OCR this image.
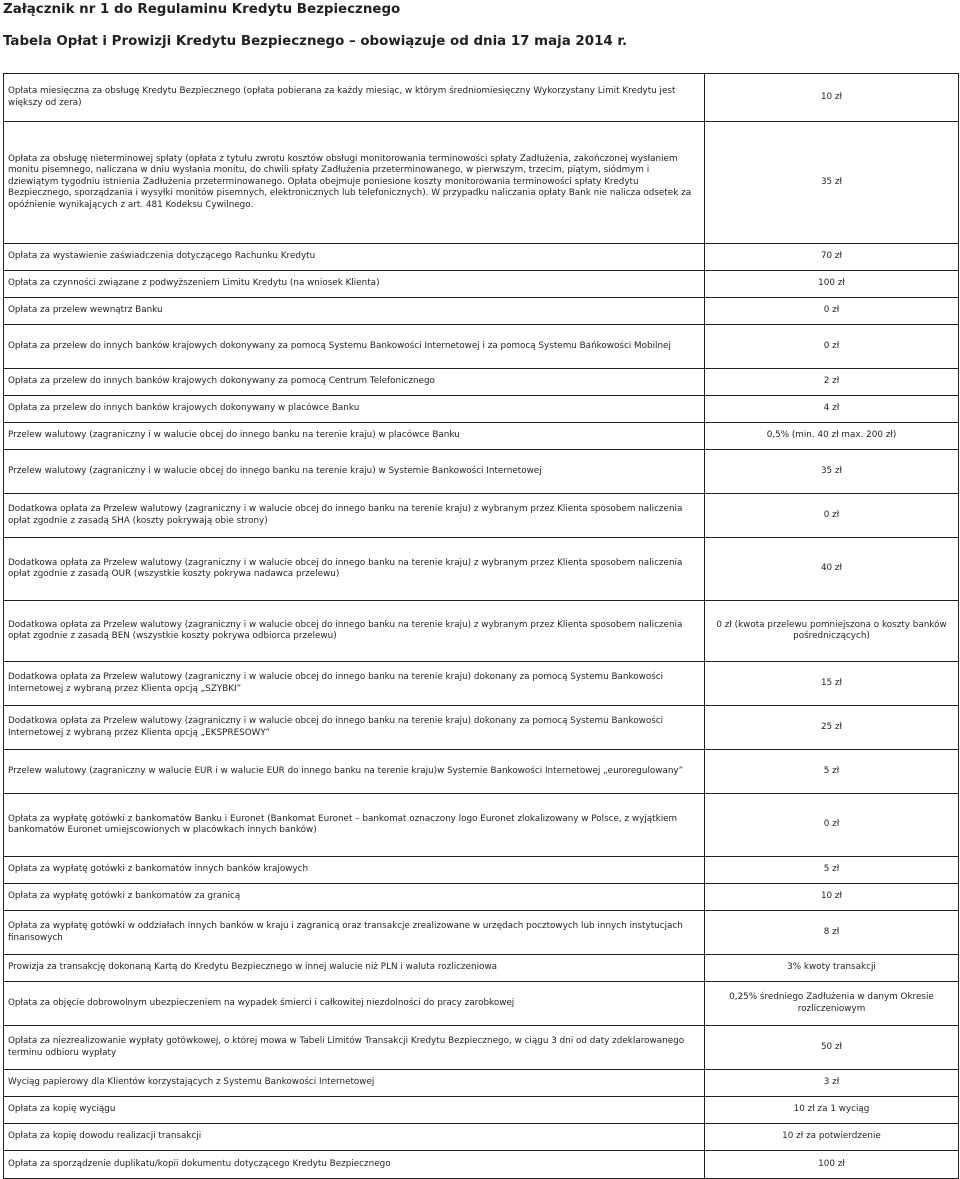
Załącznik nr 1 do Regulaminu Kredytu Bezpiecznego
Tabela Opłat i Prowizji Kredytu Bezpiecznego – obowiązuje od dnia 17 maja 2014 r.
Opłata miesięczna za obsługę Kredytu Bezpiecznego (opłata pobierana za każdy miesiąc, w którym średniomiesięczny Wykorzystany Limit Kredytu jest większy od zera)	10 zł
Opłata za obsługę nieterminowej spłaty (opłata z tytułu zwrotu kosztów obsługi monitorowania terminowości spłaty Zadłużenia, zakończonej wysłaniem monitu pisemnego, naliczana w dniu wysłania monitu, do chwili spłaty Zadłużenia przeterminowanego, w pierwszym, trzecim, piątym, siódmym i dziewiątym tygodniu istnienia Zadłużenia przeterminowanego. Opłata obejmuje poniesione koszty monitorowania terminowości spłaty Kredytu Bezpiecznego, sporządzania i wysyłki monitów pisemnych, elektronicznych lub telefonicznych). W przypadku naliczania opłaty Bank nie nalicza odsetek za opóźnienie wynikających z art. 481 Kodeksu Cywilnego.	35 zł
Opłata za wystawienie zaświadczenia dotyczącego Rachunku Kredytu	70 zł
Opłata za czynności związane z podwyższeniem Limitu Kredytu (na wniosek Klienta)	100 zł
Opłata za przelew wewnątrz Banku	0 zł
Opłata za przelew do innych banków krajowych dokonywany za pomocą Systemu Bankowości Internetowej i za pomocą Systemu Bańkowości Mobilnej	0 zł
Opłata za przelew do innych banków krajowych dokonywany za pomocą Centrum Telefonicznego	2 zł
Opłata za przelew do innych banków krajowych dokonywany w placówce Banku	4 zł
Przelew walutowy (zagraniczny i w walucie obcej do innego banku na terenie kraju) w placówce Banku	0,5% (min. 40 zł max. 200 zł)
Przelew walutowy (zagraniczny i w walucie obcej do innego banku na terenie kraju) w Systemie Bankowości Internetowej	35 zł
Dodatkowa opłata za Przelew walutowy (zagraniczny i w walucie obcej do innego banku na terenie kraju) z wybranym przez Klienta sposobem naliczenia opłat zgodnie z zasadą SHA (koszty pokrywają obie strony)	0 zł
Dodatkowa opłata za Przelew walutowy (zagraniczny i w walucie obcej do innego banku na terenie kraju) z wybranym przez Klienta sposobem naliczenia opłat zgodnie z zasadą OUR (wszystkie koszty pokrywa nadawca przelewu)	40 zł
Dodatkowa opłata za Przelew walutowy (zagraniczny i w walucie obcej do innego banku na terenie kraju) z wybranym przez Klienta sposobem naliczenia opłat zgodnie z zasadą BEN (wszystkie koszty pokrywa odbiorca przelewu)	0 zł (kwota przelewu pomniejszona o koszty banków pośredniczących)
Dodatkowa opłata za Przelew walutowy (zagraniczny i w walucie obcej do innego banku na terenie kraju) dokonany za pomocą Systemu Bankowości Internetowej z wybraną przez Klienta opcją „SZYBKI”	15 zł
Dodatkowa opłata za Przelew walutowy (zagraniczny i w walucie obcej do innego banku na terenie kraju) dokonany za pomocą Systemu Bankowości Internetowej z wybraną przez Klienta opcją „EKSPRESOWY”	25 zł
Przelew walutowy (zagraniczny w walucie EUR i w walucie EUR do innego banku na terenie kraju)w Systemie Bankowości Internetowej „euroregulowany”	5 zł
Opłata za wypłatę gotówki z bankomatów Banku i Euronet (Bankomat Euronet – bankomat oznaczony logo Euronet zlokalizowany w Polsce, z wyjątkiem bankomatów Euronet umiejscowionych w placówkach innych banków)	0 zł
Opłata za wypłatę gotówki z bankomatów innych banków krajowych	5 zł
Opłata za wypłatę gotówki z bankomatów za granicą	10 zł
Opłata za wypłatę gotówki w oddziałach innych banków w kraju i zagranicą oraz transakcje zrealizowane w urzędach pocztowych lub innych instytucjach finansowych	8 zł
Prowizja za transakcję dokonaną Kartą do Kredytu Bezpiecznego w innej walucie niż PLN i waluta rozliczeniowa	3% kwoty transakcji
Opłata za objęcie dobrowolnym ubezpieczeniem na wypadek śmierci i całkowitej niezdolności do pracy zarobkowej	0,25% średniego Zadłużenia w danym Okresie rozliczeniowym
Opłata za niezrealizowanie wypłaty gotówkowej, o której mowa w Tabeli Limitów Transakcji Kredytu Bezpiecznego, w ciągu 3 dni od daty zdeklarowanego terminu odbioru wypłaty	50 zł
Wyciąg papierowy dla Klientów korzystających z Systemu Bankowości Internetowej	3 zł
Opłata za kopię wyciągu	10 zł za 1 wyciąg
Opłata za kopię dowodu realizacji transakcji	10 zł za potwierdzenie
Opłata za sporządzenie duplikatu/kopii dokumentu dotyczącego Kredytu Bezpiecznego	100 zł
